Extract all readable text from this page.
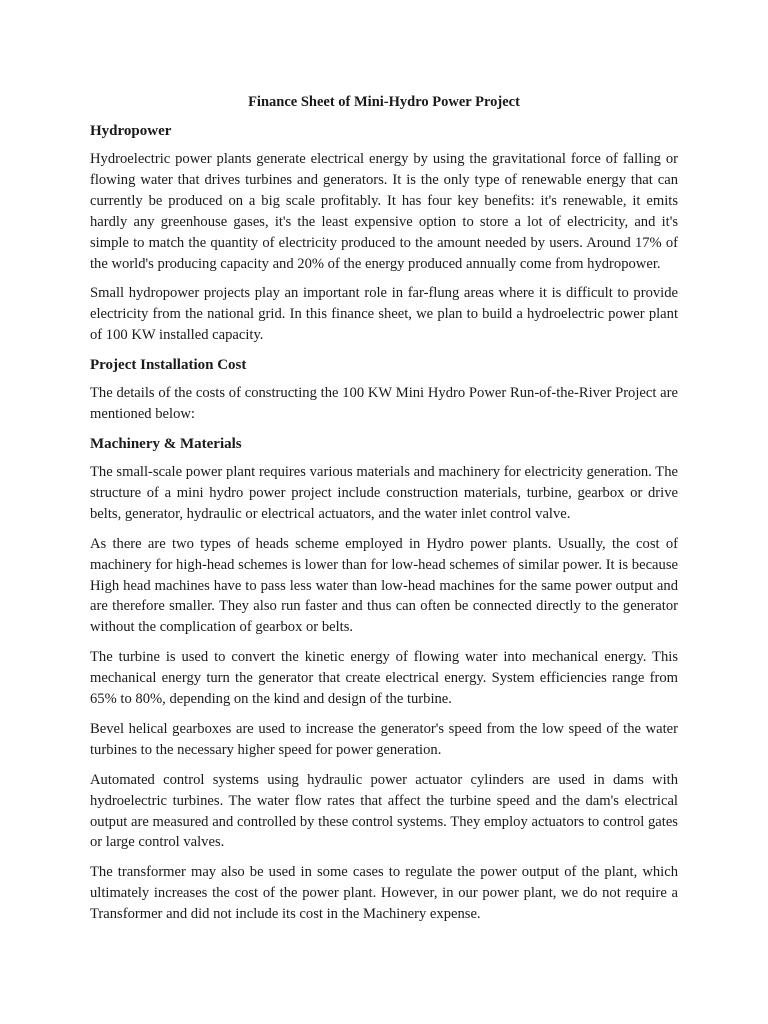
Finance Sheet of Mini-Hydro Power Project
Hydropower

Hydroelectric power plants generate electrical energy by using the gravitational force of falling or flowing water that drives turbines and generators. It is the only type of renewable energy that can currently be produced on a big scale profitably. It has four key benefits: it's renewable, it emits hardly any greenhouse gases, it's the least expensive option to store a lot of electricity, and it's simple to match the quantity of electricity produced to the amount needed by users. Around 17% of the world's producing capacity and 20% of the energy produced annually come from hydropower.

Small hydropower projects play an important role in far-flung areas where it is difficult to provide electricity from the national grid. In this finance sheet, we plan to build a hydroelectric power plant of 100 KW installed capacity.

Project Installation Cost

The details of the costs of constructing the 100 KW Mini Hydro Power Run-of-the-River Project are mentioned below:

Machinery & Materials

The small-scale power plant requires various materials and machinery for electricity generation. The structure of a mini hydro power project include construction materials, turbine, gearbox or drive belts, generator, hydraulic or electrical actuators, and the water inlet control valve.

As there are two types of heads scheme employed in Hydro power plants. Usually, the cost of machinery for high-head schemes is lower than for low-head schemes of similar power. It is because High head machines have to pass less water than low-head machines for the same power output and are therefore smaller. They also run faster and thus can often be connected directly to the generator without the complication of gearbox or belts.

The turbine is used to convert the kinetic energy of flowing water into mechanical energy. This mechanical energy turn the generator that create electrical energy. System efficiencies range from 65% to 80%, depending on the kind and design of the turbine.

Bevel helical gearboxes are used to increase the generator's speed from the low speed of the water turbines to the necessary higher speed for power generation.

Automated control systems using hydraulic power actuator cylinders are used in dams with hydroelectric turbines. The water flow rates that affect the turbine speed and the dam's electrical output are measured and controlled by these control systems. They employ actuators to control gates or large control valves.

The transformer may also be used in some cases to regulate the power output of the plant, which ultimately increases the cost of the power plant. However, in our power plant, we do not require a Transformer and did not include its cost in the Machinery expense.
